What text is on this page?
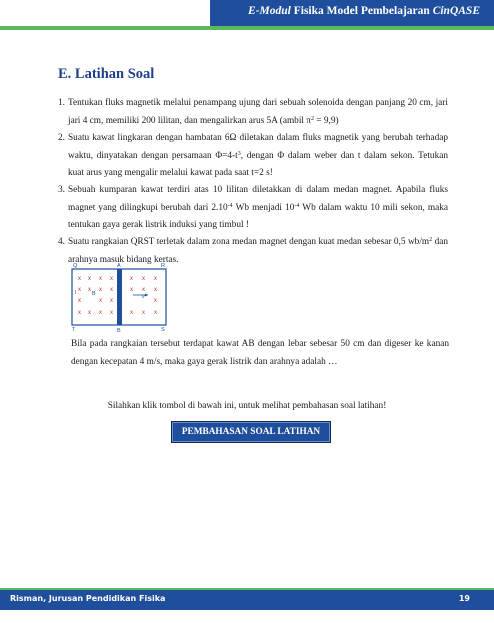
E-Modul Fisika Model Pembelajaran CinQASE
E. Latihan Soal
1. Tentukan fluks magnetik melalui penampang ujung dari sebuah solenoida dengan panjang 20 cm, jari jari 4 cm, memiliki 200 lilitan, dan mengalirkan arus 5A (ambil $\pi^2 = 9,9$)
2. Suatu kawat lingkaran dengan hambatan 6Ω diletakan dalam fluks magnetik yang berubah terhadap waktu, dinyatakan dengan persamaan $\Phi=4-t^3$, dengan Φ dalam weber dan t dalam sekon. Tetukan kuat arus yang mengalir melalui kawat pada saat t=2 s!
3. Sebuah kumparan kawat terdiri atas 10 lilitan diletakkan di dalam medan magnet. Apabila fluks magnet yang dilingkupi berubah dari $2.10^{-4}$ Wb menjadi $10^{-4}$ Wb dalam waktu 10 mili sekon, maka tentukan gaya gerak listrik induksi yang timbul !
4. Suatu rangkaian QRST terletak dalam zona medan magnet dengan kuat medan sebesar 0,5 $wb/m^2$ dan arahnya masuk bidang kertas.
Q	A	R
T	B	S
I	B	v
x x x x	x x x
x x x x	x x x
x	x x	x
x x x x	x x x
Bila pada rangkaian tersebut terdapat kawat AB dengan lebar sebesar 50 cm dan digeser ke kanan dengan kecepatan 4 m/s, maka gaya gerak listrik dan arahnya adalah …
Silahkan klik tombol di bawah ini, untuk melihat pembahasan soal latihan!
PEMBAHASAN SOAL LATIHAN
Risman, Jurusan Pendidikan Fisika	19
